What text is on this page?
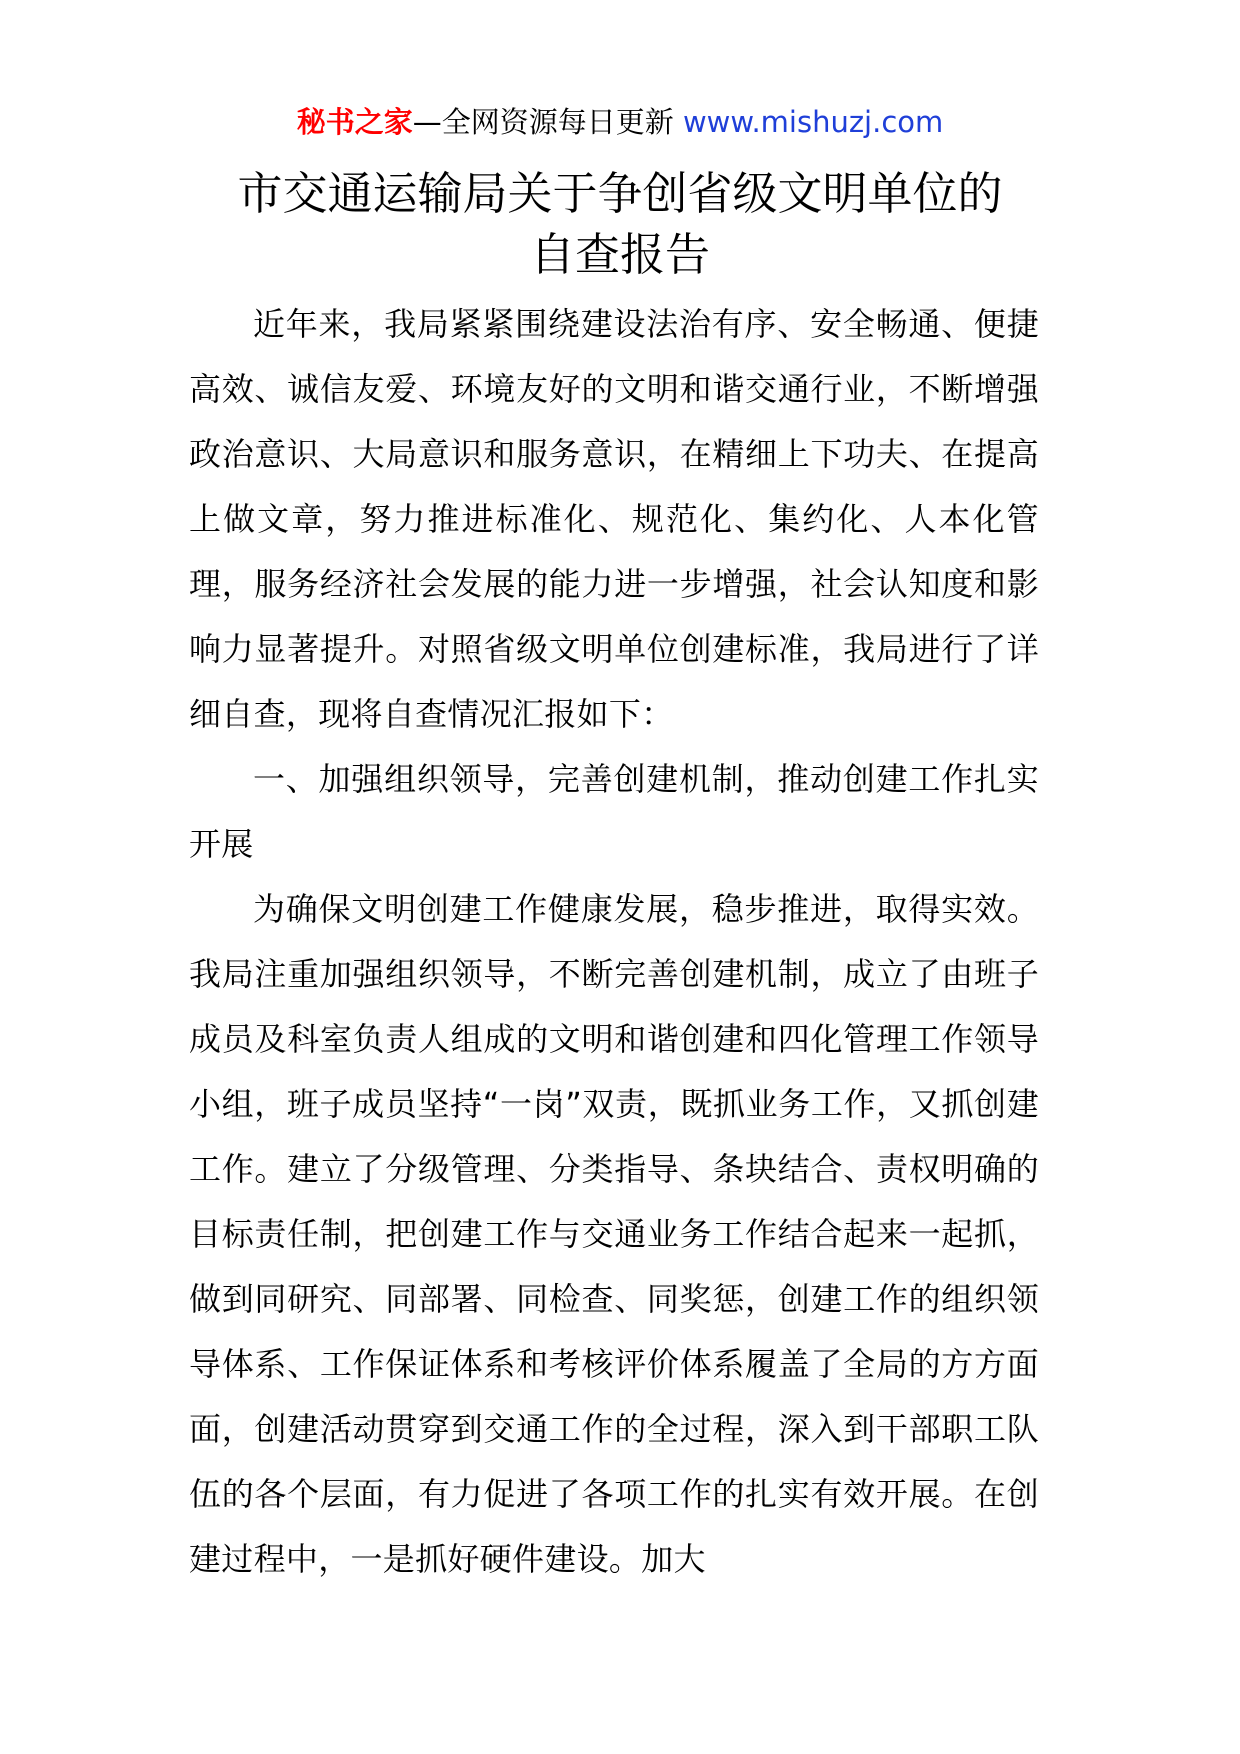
秘书之家—全网资源每日更新 www.mishuzj.com
市交通运输局关于争创省级文明单位的
自查报告

近年来，我局紧紧围绕建设法治有序、安全畅通、便捷高效、诚信友爱、环境友好的文明和谐交通行业，不断增强政治意识、大局意识和服务意识，在精细上下功夫、在提高上做文章，努力推进标准化、规范化、集约化、人本化管理，服务经济社会发展的能力进一步增强，社会认知度和影响力显著提升。对照省级文明单位创建标准，我局进行了详细自查，现将自查情况汇报如下：

一、加强组织领导，完善创建机制，推动创建工作扎实开展

为确保文明创建工作健康发展，稳步推进，取得实效。我局注重加强组织领导，不断完善创建机制，成立了由班子成员及科室负责人组成的文明和谐创建和四化管理工作领导小组，班子成员坚持“一岗”双责，既抓业务工作，又抓创建工作。建立了分级管理、分类指导、条块结合、责权明确的目标责任制，把创建工作与交通业务工作结合起来一起抓，做到同研究、同部署、同检查、同奖惩，创建工作的组织领导体系、工作保证体系和考核评价体系履盖了全局的方方面面，创建活动贯穿到交通工作的全过程，深入到干部职工队伍的各个层面，有力促进了各项工作的扎实有效开展。在创建过程中，一是抓好硬件建设。加大
